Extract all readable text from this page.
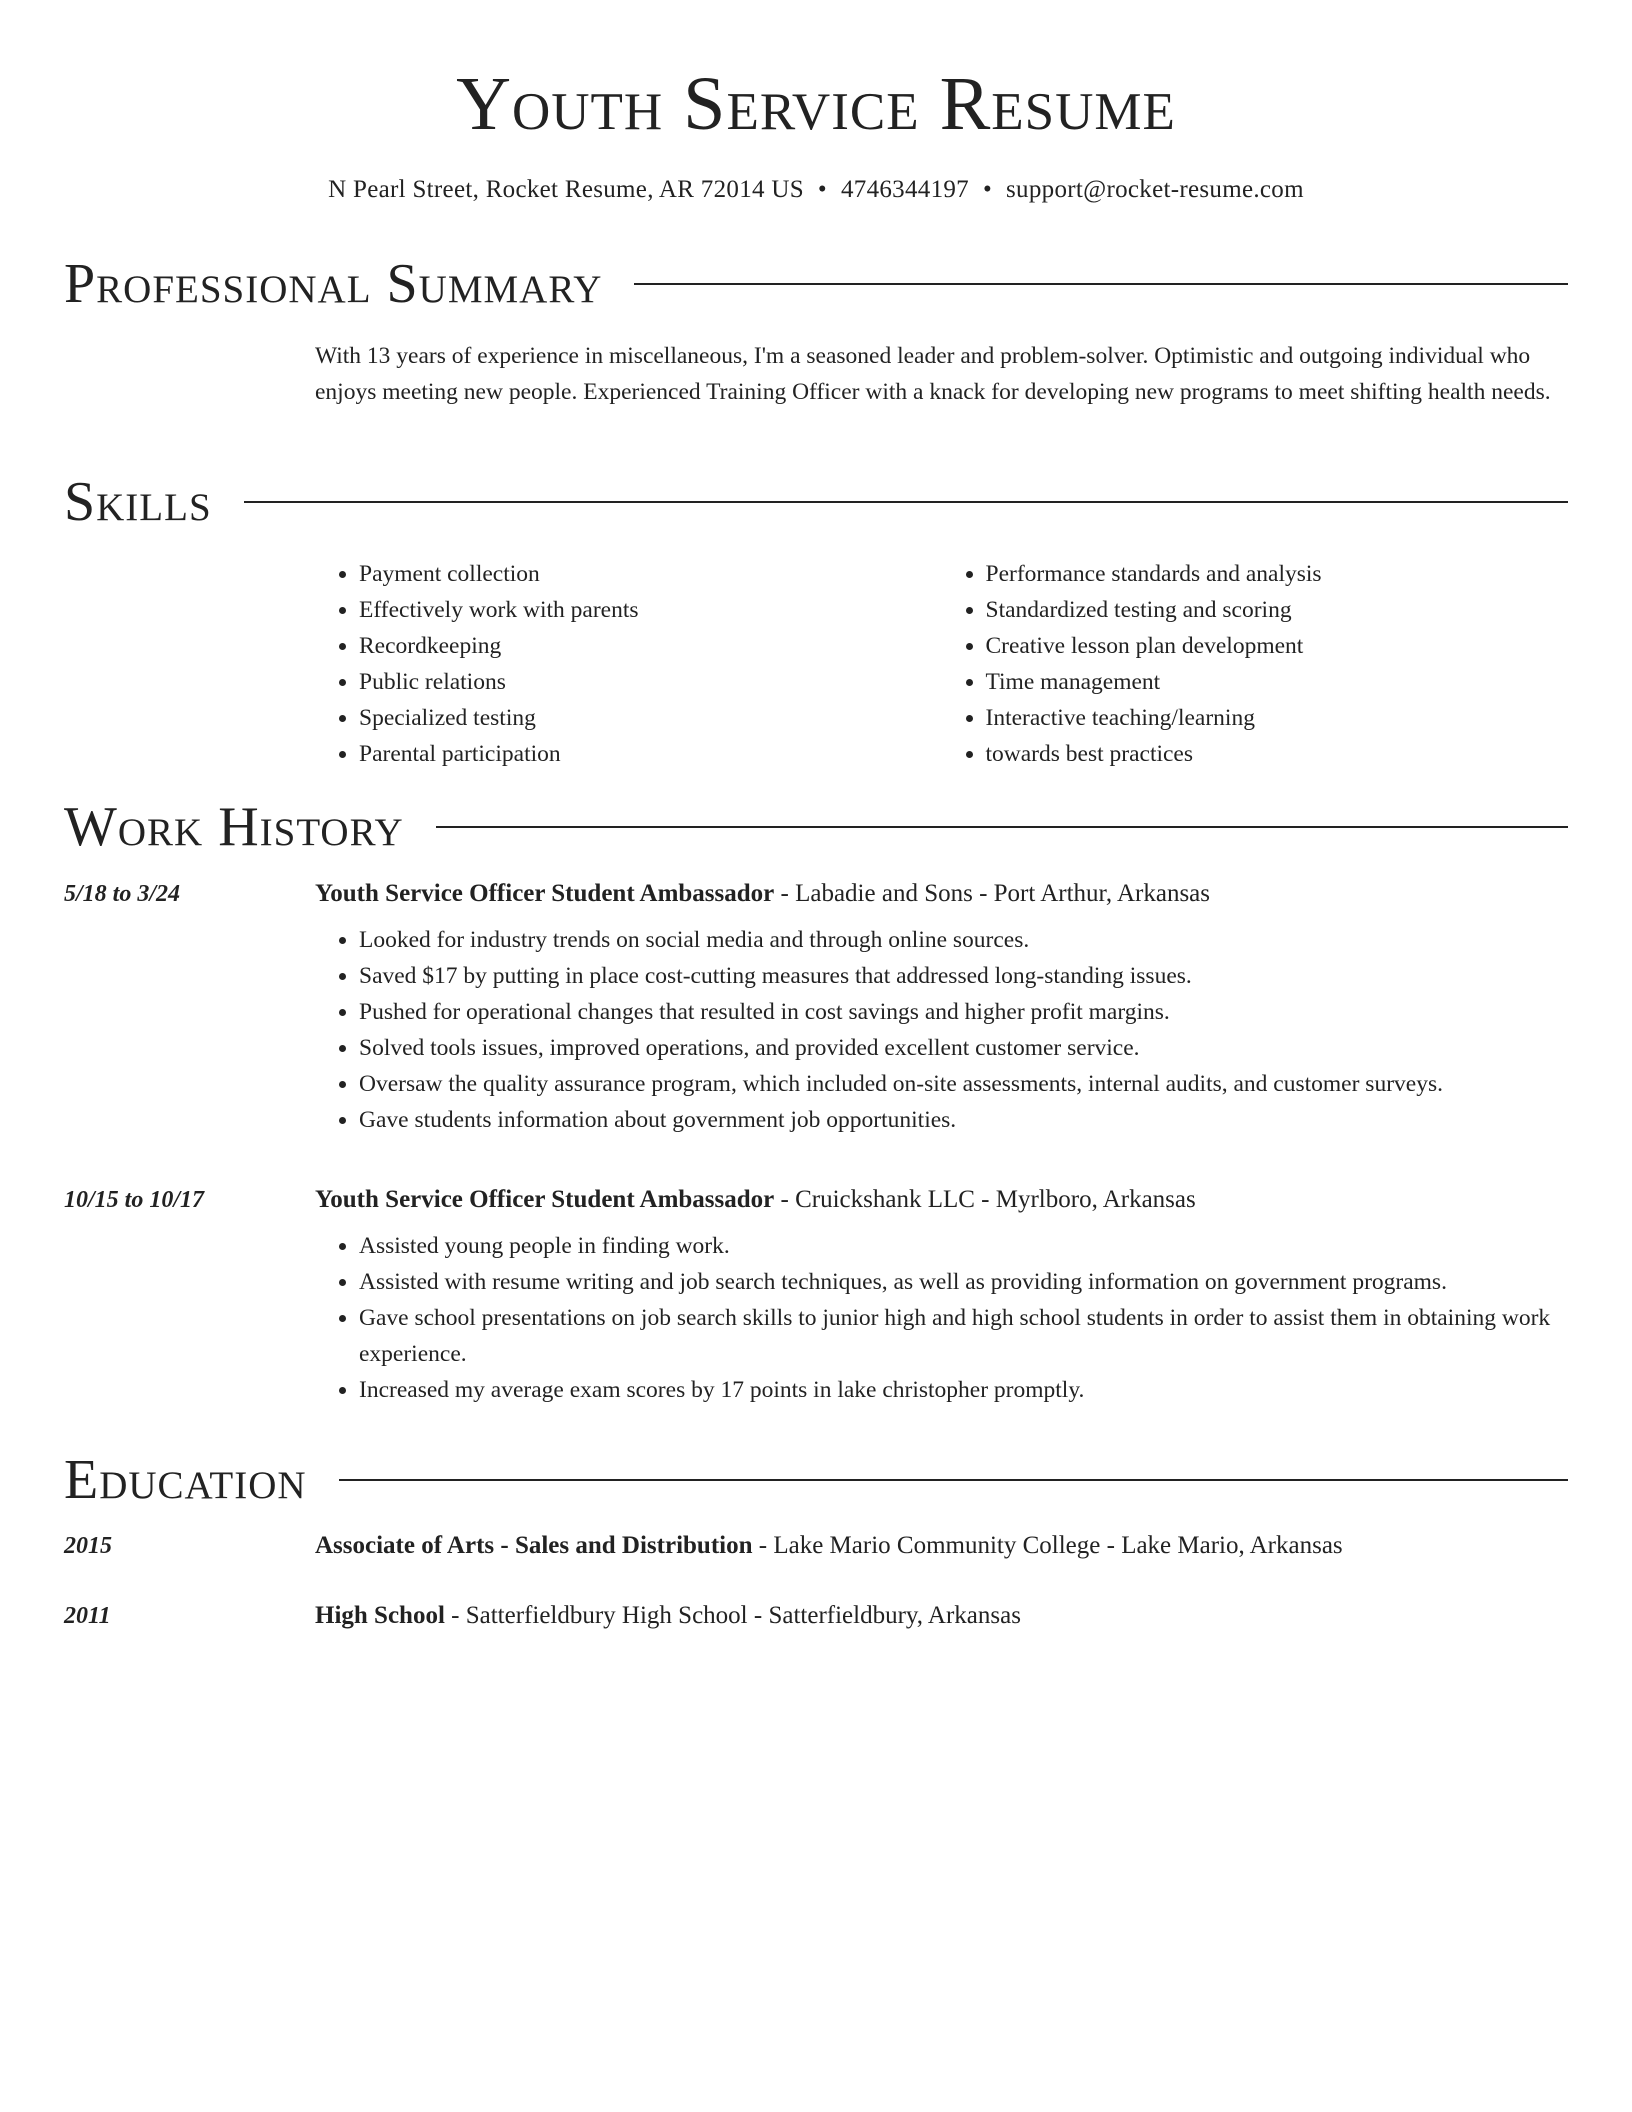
Youth Service Resume

N Pearl Street, Rocket Resume, AR 72014 US • 4746344197 • support@rocket-resume.com

Professional Summary
With 13 years of experience in miscellaneous, I'm a seasoned leader and problem-solver. Optimistic and outgoing individual who enjoys meeting new people. Experienced Training Officer with a knack for developing new programs to meet shifting health needs.
Skills
• Payment collection
• Effectively work with parents
• Recordkeeping
• Public relations
• Specialized testing
• Parental participation
• Performance standards and analysis
• Standardized testing and scoring
• Creative lesson plan development
• Time management
• Interactive teaching/learning
• towards best practices
Work History
5/18 to 3/24	Youth Service Officer Student Ambassador - Labadie and Sons - Port Arthur, Arkansas
• Looked for industry trends on social media and through online sources.
• Saved $17 by putting in place cost-cutting measures that addressed long-standing issues.
• Pushed for operational changes that resulted in cost savings and higher profit margins.
• Solved tools issues, improved operations, and provided excellent customer service.
• Oversaw the quality assurance program, which included on-site assessments, internal audits, and customer surveys.
• Gave students information about government job opportunities.
10/15 to 10/17	Youth Service Officer Student Ambassador - Cruickshank LLC - Myrlboro, Arkansas
• Assisted young people in finding work.
• Assisted with resume writing and job search techniques, as well as providing information on government programs.
• Gave school presentations on job search skills to junior high and high school students in order to assist them in obtaining work experience.
• Increased my average exam scores by 17 points in lake christopher promptly.
Education
2015	Associate of Arts - Sales and Distribution - Lake Mario Community College - Lake Mario, Arkansas
2011	High School - Satterfieldbury High School - Satterfieldbury, Arkansas
